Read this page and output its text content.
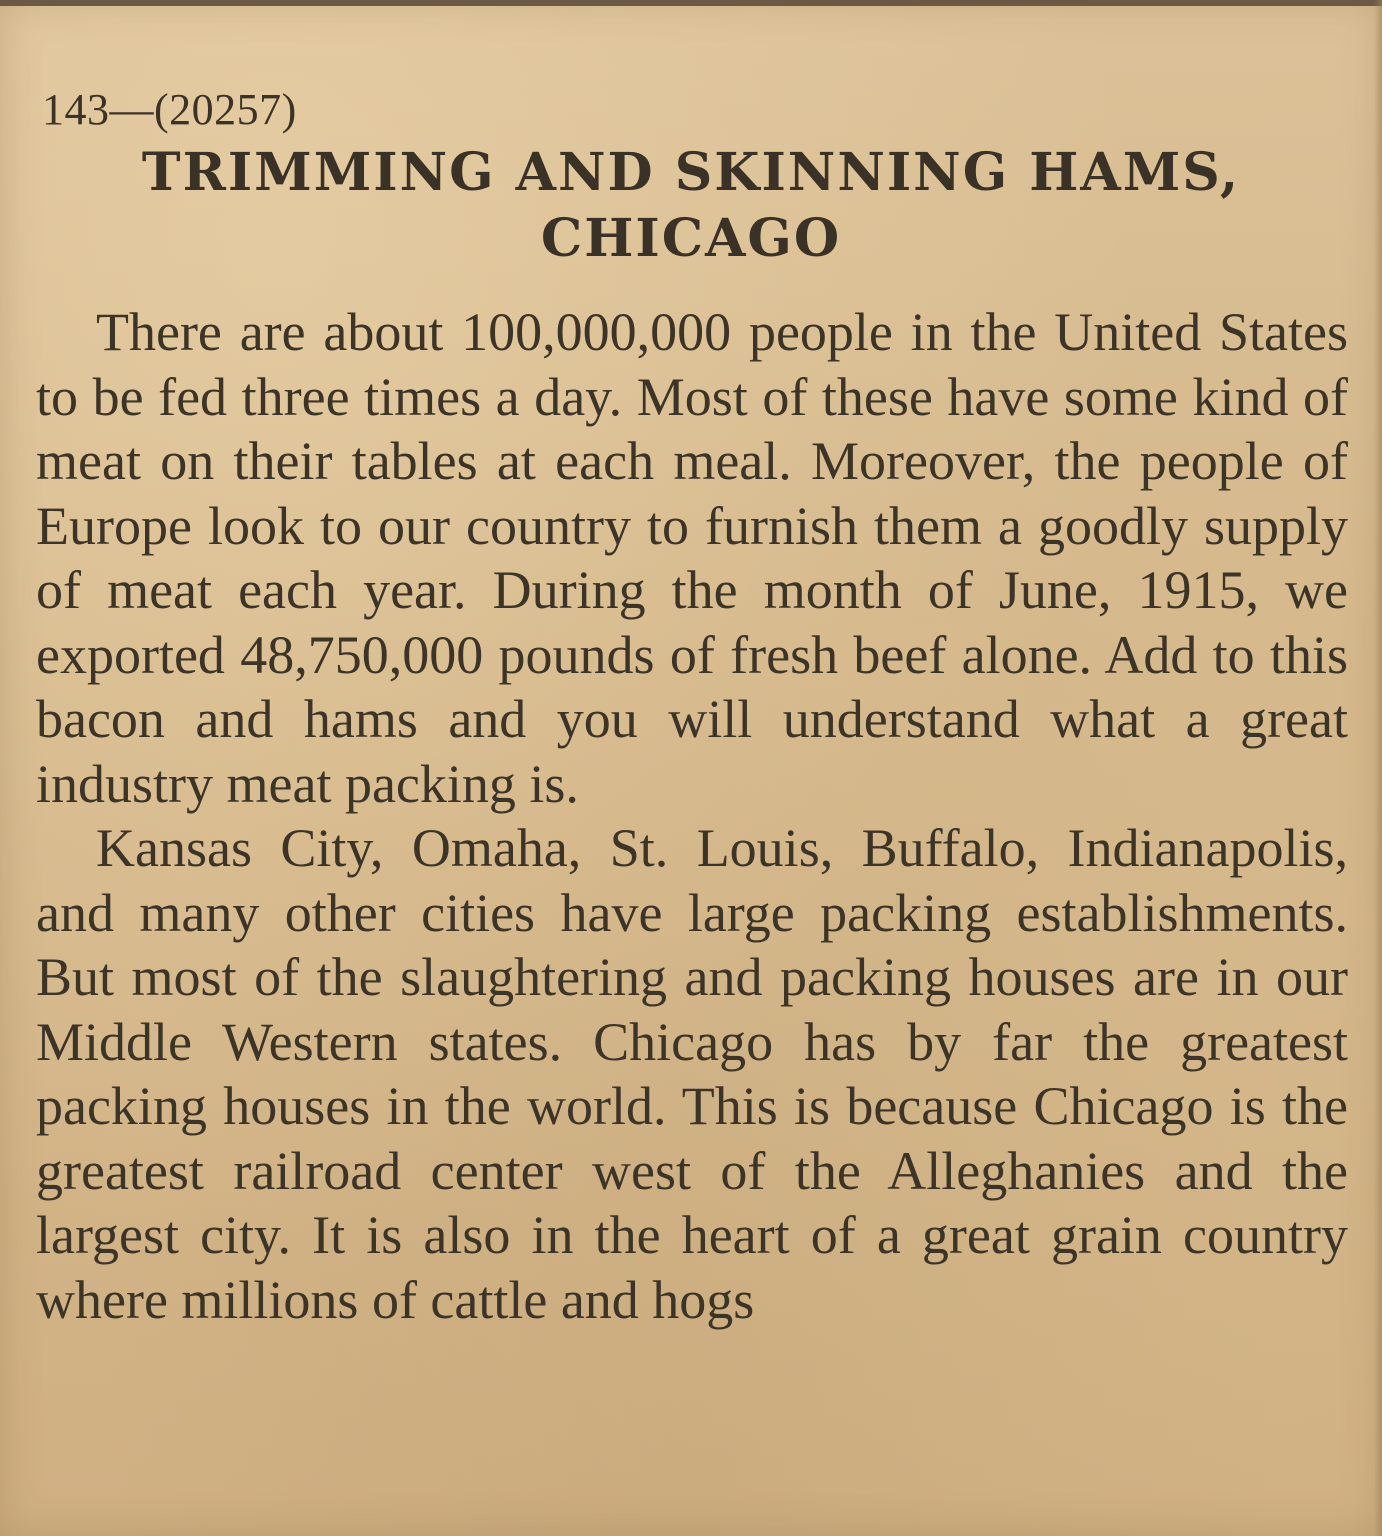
143—(20257)
TRIMMING AND SKINNING HAMS,
CHICAGO

There are about 100,000,000 people in the United States to be fed three times a day. Most of these have some kind of meat on their tables at each meal. Moreover, the people of Europe look to our country to furnish them a goodly supply of meat each year. During the month of June, 1915, we exported 48,750,000 pounds of fresh beef alone. Add to this bacon and hams and you will understand what a great industry meat packing is.

Kansas City, Omaha, St. Louis, Buffalo, Indianapolis, and many other cities have large packing establishments. But most of the slaughtering and packing houses are in our Middle Western states. Chicago has by far the greatest packing houses in the world. This is because Chicago is the greatest railroad center west of the Alleghanies and the largest city. It is also in the heart of a great grain country where millions of cattle and hogs
